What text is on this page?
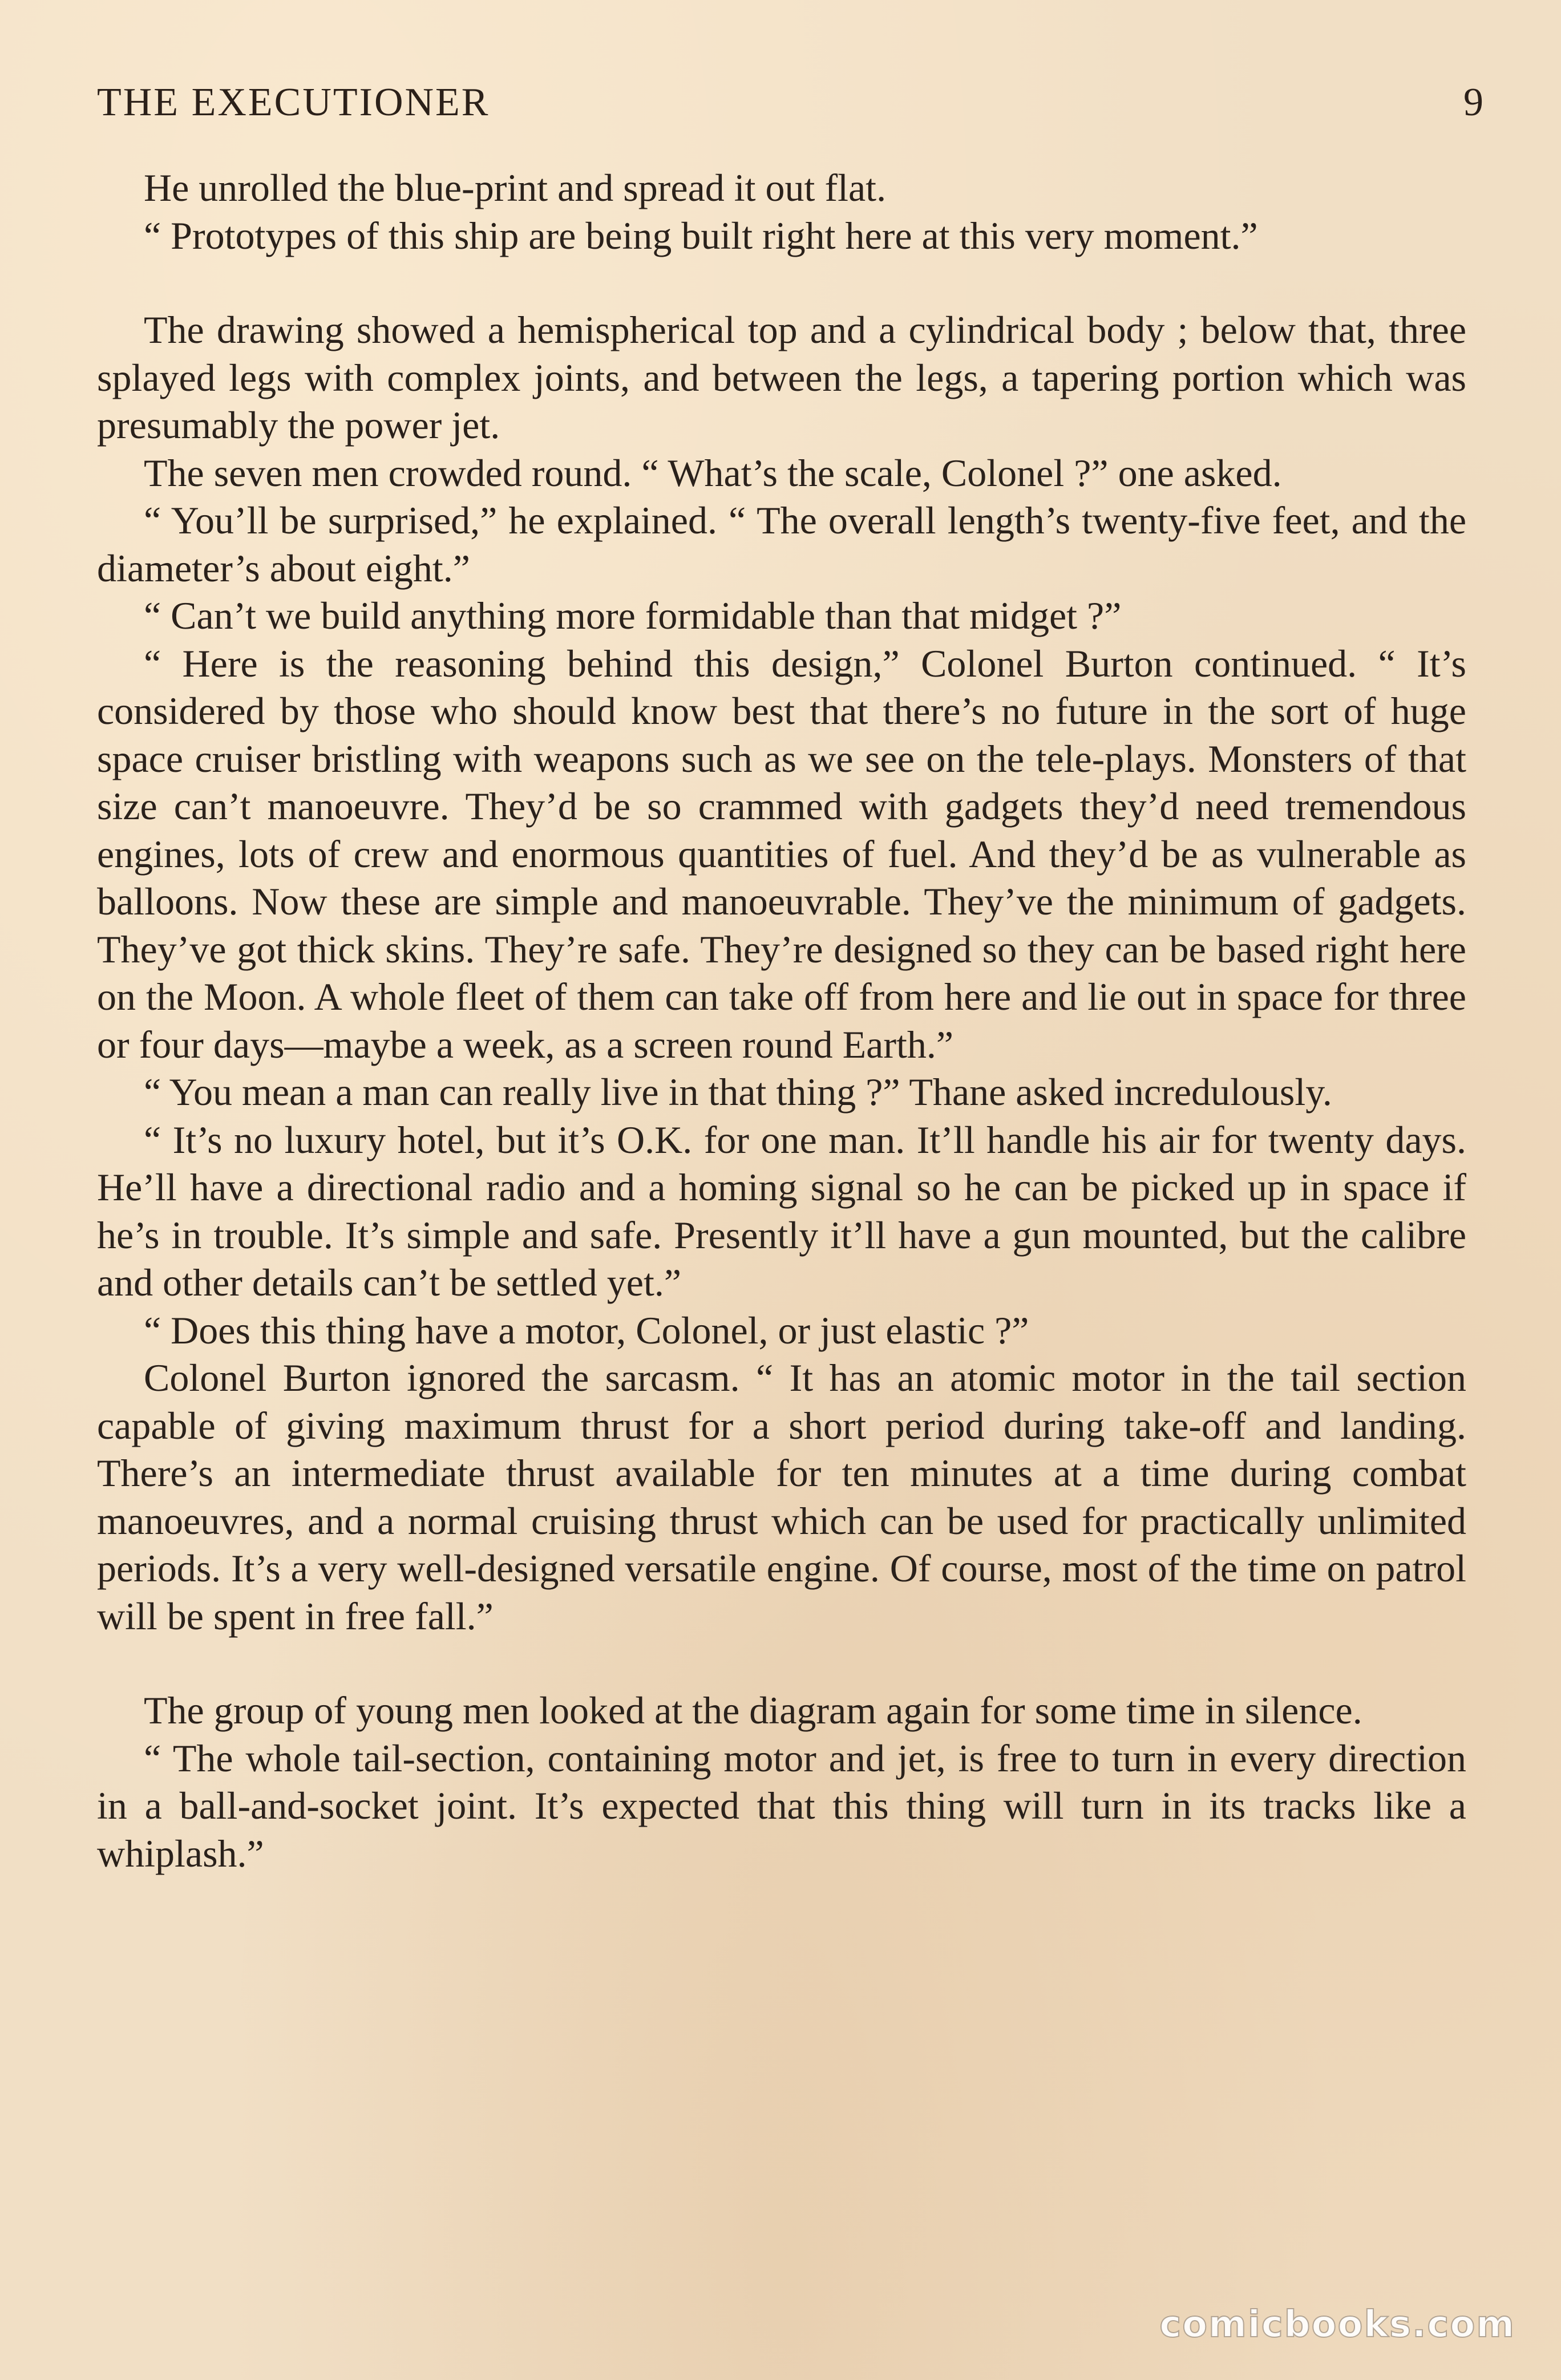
THE EXECUTIONER	9

He unrolled the blue-print and spread it out flat.

“ Prototypes of this ship are being built right here at this very moment.”

The drawing showed a hemispherical top and a cylindrical body ; below that, three splayed legs with complex joints, and between the legs, a tapering portion which was presumably the power jet.

The seven men crowded round. “ What’s the scale, Colonel ?” one asked.

“ You’ll be surprised,” he explained. “ The overall length’s twenty-five feet, and the diameter’s about eight.”

“ Can’t we build anything more formidable than that midget ?”

“ Here is the reasoning behind this design,” Colonel Burton continued. “ It’s considered by those who should know best that there’s no future in the sort of huge space cruiser bristling with weapons such as we see on the tele-plays. Monsters of that size can’t manoeuvre. They’d be so crammed with gadgets they’d need tremendous engines, lots of crew and enormous quantities of fuel. And they’d be as vulnerable as balloons. Now these are simple and manoeuvrable. They’ve the minimum of gadgets. They’ve got thick skins. They’re safe. They’re designed so they can be based right here on the Moon. A whole fleet of them can take off from here and lie out in space for three or four days—maybe a week, as a screen round Earth.”

“ You mean a man can really live in that thing ?” Thane asked incredulously.

“ It’s no luxury hotel, but it’s O.K. for one man. It’ll handle his air for twenty days. He’ll have a directional radio and a homing signal so he can be picked up in space if he’s in trouble. It’s simple and safe. Presently it’ll have a gun mounted, but the calibre and other details can’t be settled yet.”

“ Does this thing have a motor, Colonel, or just elastic ?”

Colonel Burton ignored the sarcasm. “ It has an atomic motor in the tail section capable of giving maximum thrust for a short period during take-off and landing. There’s an intermediate thrust available for ten minutes at a time during combat manoeuvres, and a normal cruising thrust which can be used for practically unlimited periods. It’s a very well-designed versatile engine. Of course, most of the time on patrol will be spent in free fall.”

The group of young men looked at the diagram again for some time in silence.

“ The whole tail-section, containing motor and jet, is free to turn in every direction in a ball-and-socket joint. It’s expected that this thing will turn in its tracks like a whiplash.”

comicbooks.com
